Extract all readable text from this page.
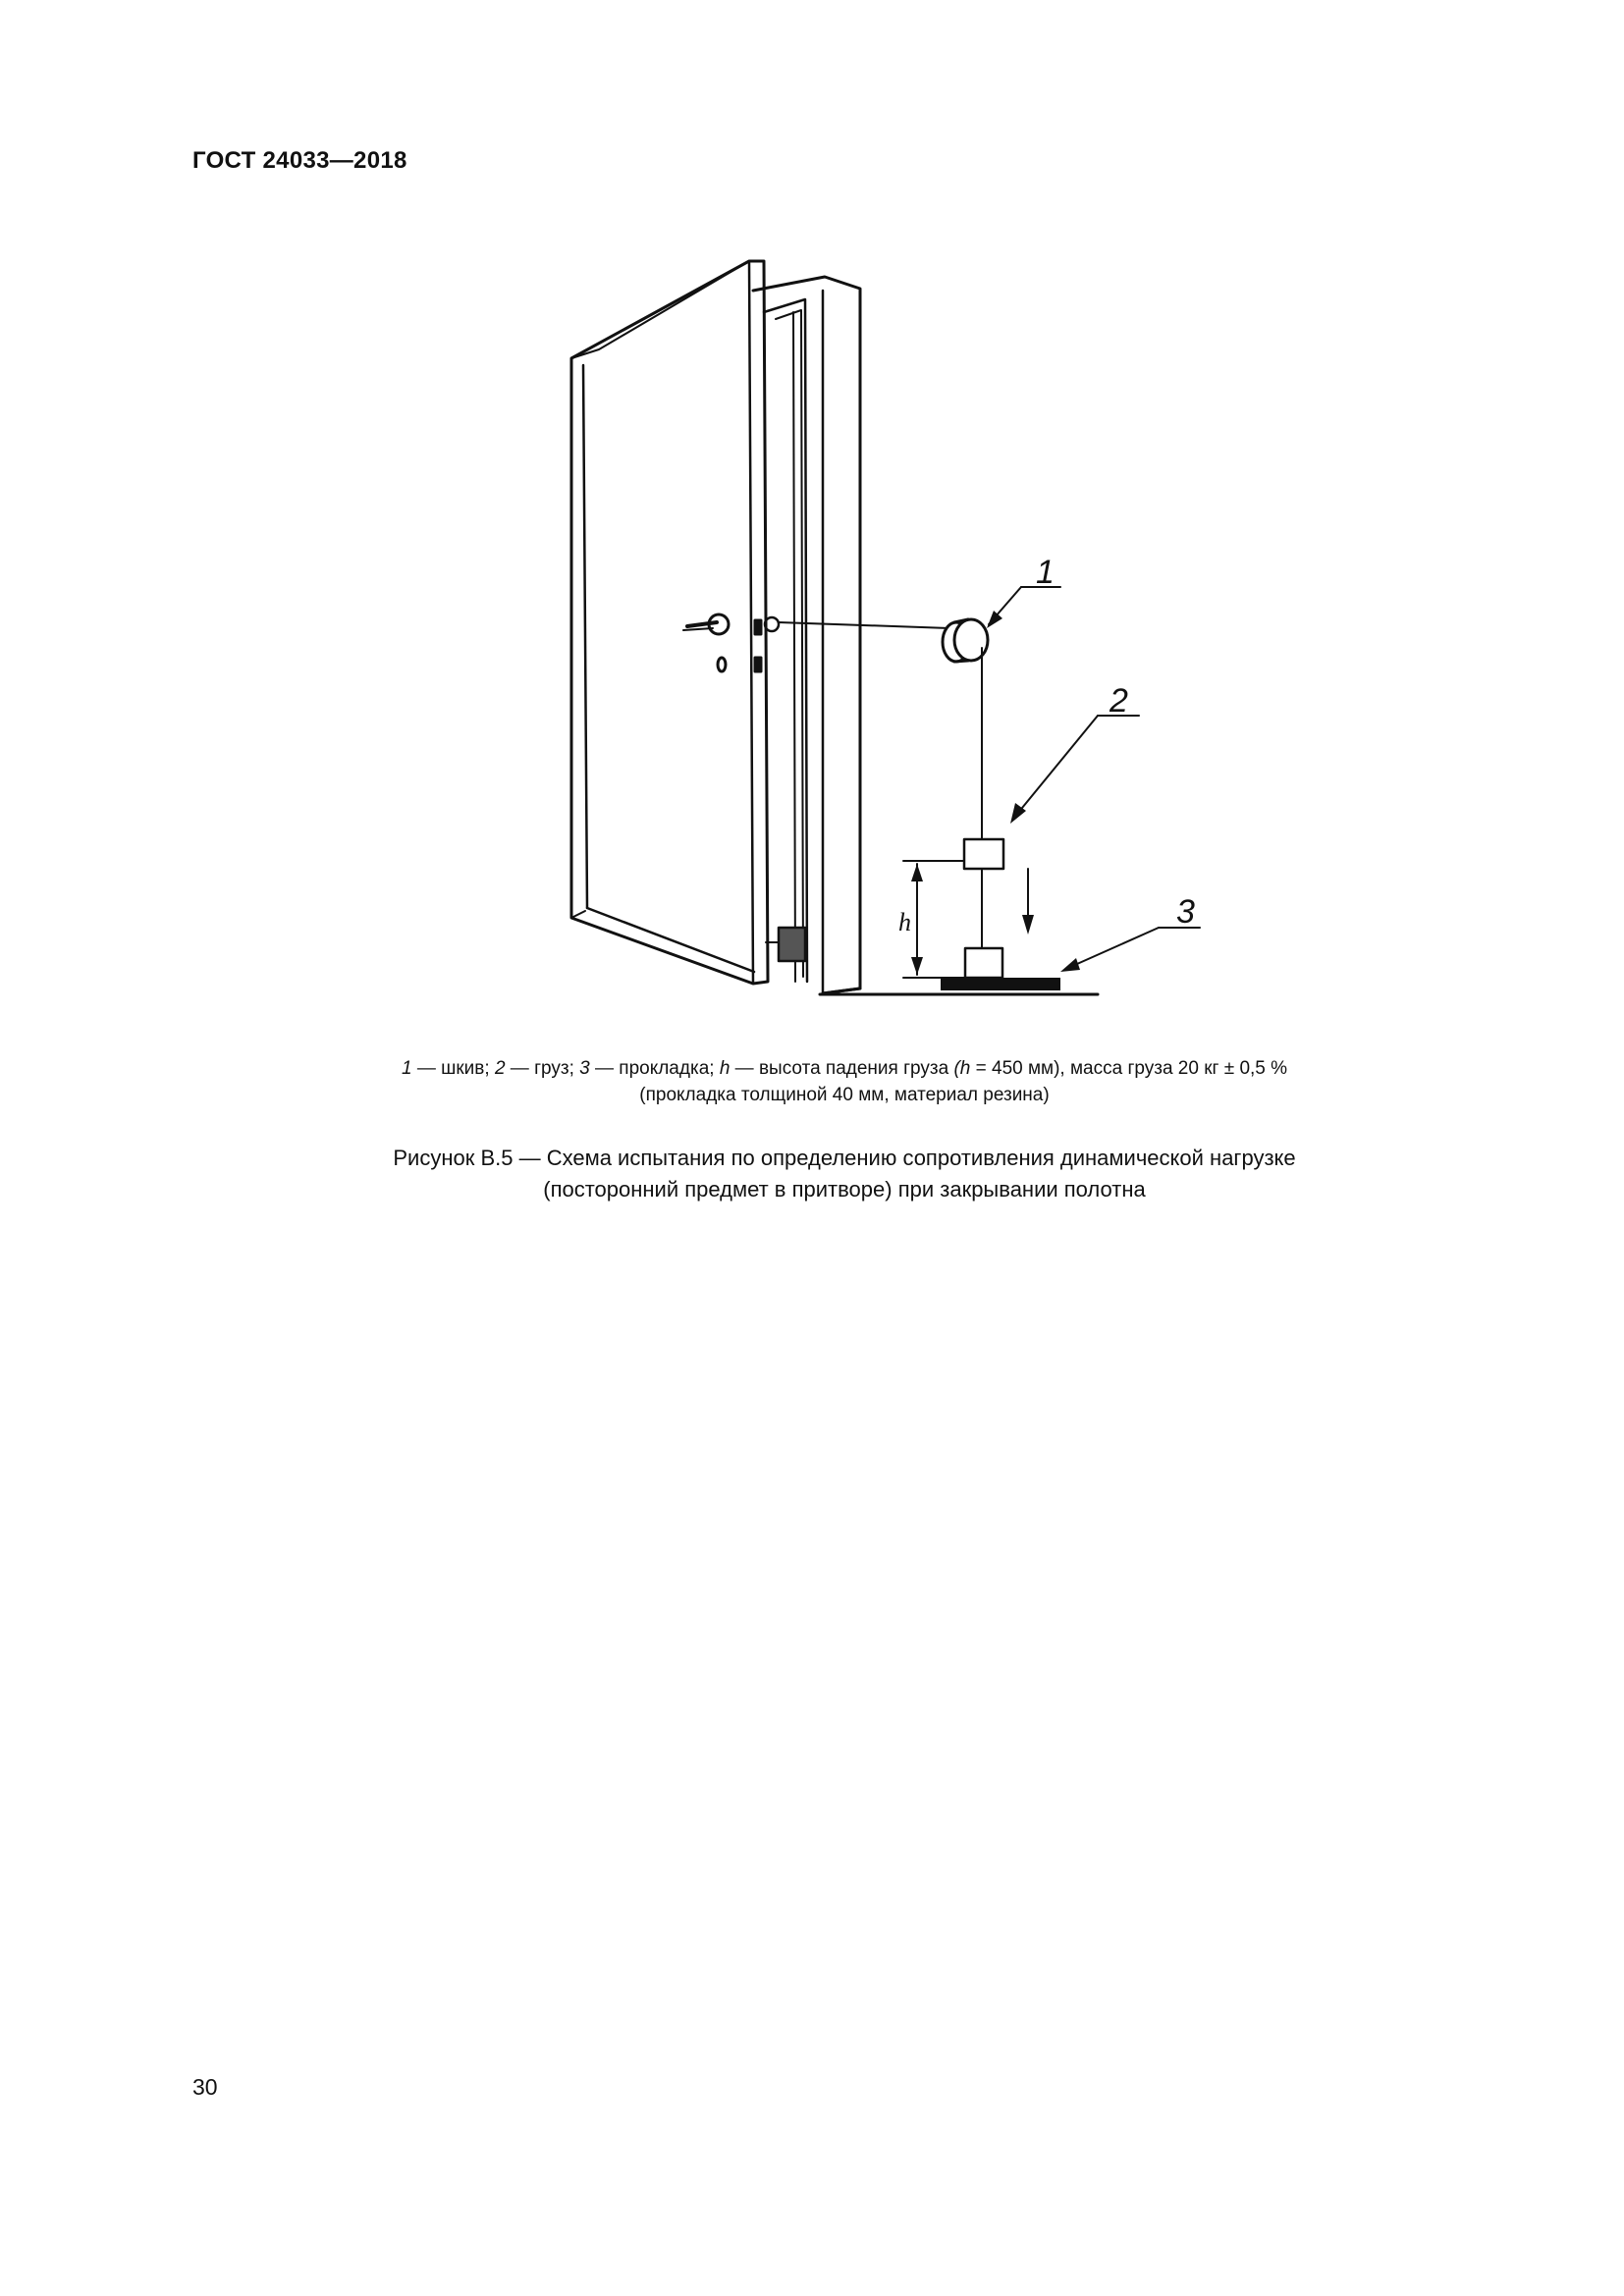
ГОСТ 24033—2018
1
2
3
h
1 — шкив; 2 — груз; 3 — прокладка; h — высота падения груза (h = 450 мм), масса груза 20 кг ± 0,5 %
(прокладка толщиной 40 мм, материал резина)
Рисунок В.5 — Схема испытания по определению сопротивления динамической нагрузке
(посторонний предмет в притворе) при закрывании полотна
30
